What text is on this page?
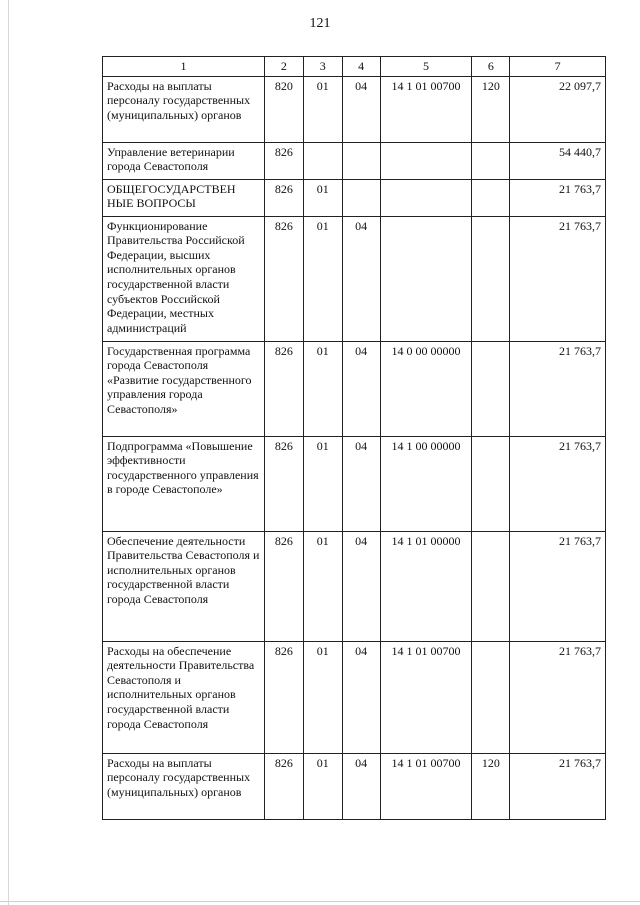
121
1	2	3	4	5	6	7
Расходы на выплаты персоналу государственных (муниципальных) органов	820	01	04	14 1 01 00700	120	22 097,7
Управление ветеринарии города Севастополя	826					54 440,7
ОБЩЕГОСУДАРСТВЕН НЫЕ ВОПРОСЫ	826	01				21 763,7
Функционирование Правительства Российской Федерации, высших исполнительных органов государственной власти субъектов Российской Федерации, местных администраций	826	01	04			21 763,7
Государственная программа города Севастополя «Развитие государственного управления города Севастополя»	826	01	04	14 0 00 00000		21 763,7
Подпрограмма «Повышение эффективности государственного управления в городе Севастополе»	826	01	04	14 1 00 00000		21 763,7
Обеспечение деятельности Правительства Севастополя и исполнительных органов государственной власти города Севастополя	826	01	04	14 1 01 00000		21 763,7
Расходы на обеспечение деятельности Правительства Севастополя и исполнительных органов государственной власти города Севастополя	826	01	04	14 1 01 00700		21 763,7
Расходы на выплаты персоналу государственных (муниципальных) органов	826	01	04	14 1 01 00700	120	21 763,7
